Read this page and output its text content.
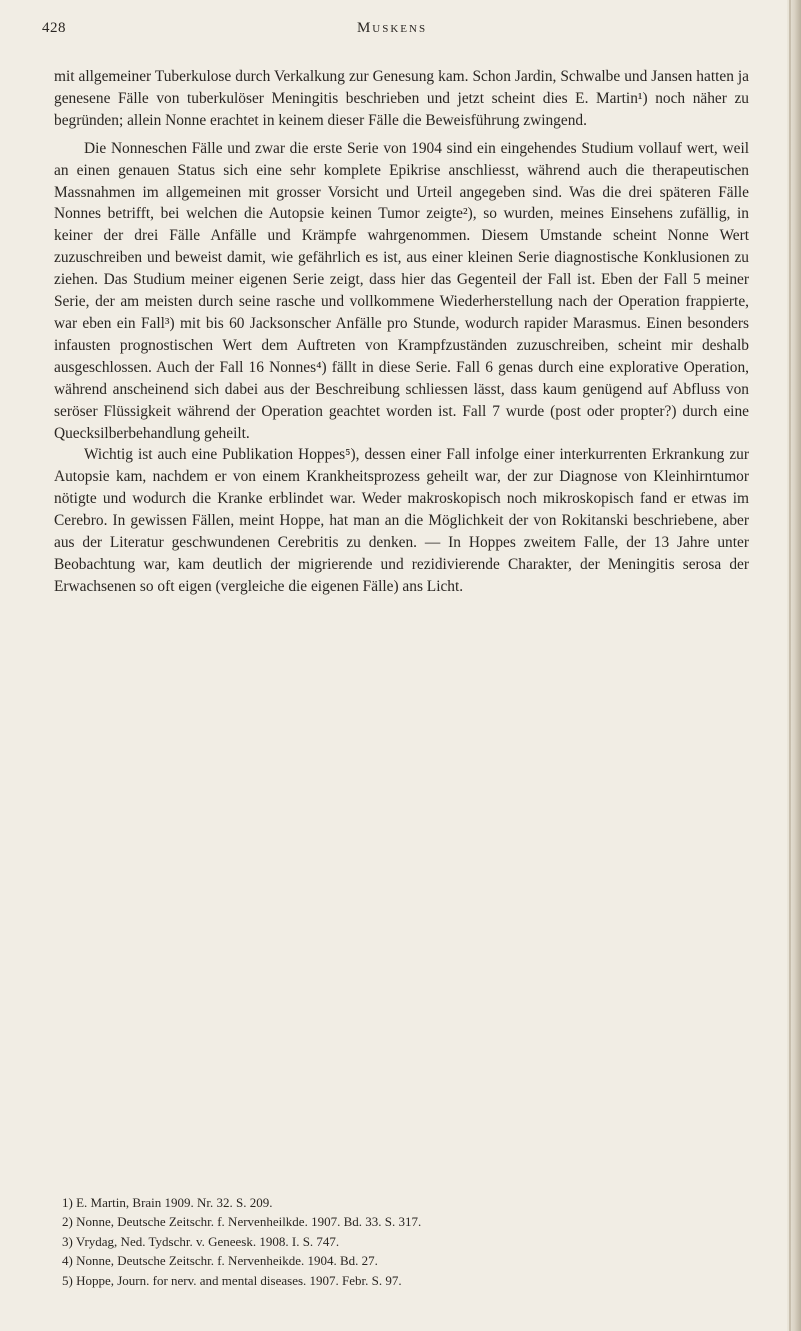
428	Muskens

mit allgemeiner Tuberkulose durch Verkalkung zur Genesung kam. Schon Jardin, Schwalbe und Jansen hatten ja genesene Fälle von tuberkulöser Meningitis beschrieben und jetzt scheint dies E. Martin¹) noch näher zu begründen; allein Nonne erachtet in keinem dieser Fälle die Beweisführung zwingend.

Die Nonneschen Fälle und zwar die erste Serie von 1904 sind ein eingehendes Studium vollauf wert, weil an einen genauen Status sich eine sehr komplete Epikrise anschliesst, während auch die therapeutischen Massnahmen im allgemeinen mit grosser Vorsicht und Urteil angegeben sind. Was die drei späteren Fälle Nonnes betrifft, bei welchen die Autopsie keinen Tumor zeigte²), so wurden, meines Einsehens zufällig, in keiner der drei Fälle Anfälle und Krämpfe wahrgenommen. Diesem Umstande scheint Nonne Wert zuzuschreiben und beweist damit, wie gefährlich es ist, aus einer kleinen Serie diagnostische Konklusionen zu ziehen. Das Studium meiner eigenen Serie zeigt, dass hier das Gegenteil der Fall ist. Eben der Fall 5 meiner Serie, der am meisten durch seine rasche und vollkommene Wiederherstellung nach der Operation frappierte, war eben ein Fall³) mit bis 60 Jacksonscher Anfälle pro Stunde, wodurch rapider Marasmus. Einen besonders infausten prognostischen Wert dem Auftreten von Krampfzuständen zuzuschreiben, scheint mir deshalb ausgeschlossen. Auch der Fall 16 Nonnes⁴) fällt in diese Serie. Fall 6 genas durch eine explorative Operation, während anscheinend sich dabei aus der Beschreibung schliessen lässt, dass kaum genügend auf Abfluss von seröser Flüssigkeit während der Operation geachtet worden ist. Fall 7 wurde (post oder propter?) durch eine Quecksilberbehandlung geheilt.

Wichtig ist auch eine Publikation Hoppes⁵), dessen einer Fall infolge einer interkurrenten Erkrankung zur Autopsie kam, nachdem er von einem Krankheitsprozess geheilt war, der zur Diagnose von Kleinhirntumor nötigte und wodurch die Kranke erblindet war. Weder makroskopisch noch mikroskopisch fand er etwas im Cerebro. In gewissen Fällen, meint Hoppe, hat man an die Möglichkeit der von Rokitanski beschriebene, aber aus der Literatur geschwundenen Cerebritis zu denken. — In Hoppes zweitem Falle, der 13 Jahre unter Beobachtung war, kam deutlich der migrierende und rezidivierende Charakter, der Meningitis serosa der Erwachsenen so oft eigen (vergleiche die eigenen Fälle) ans Licht.

1) E. Martin, Brain 1909. Nr. 32. S. 209.
2) Nonne, Deutsche Zeitschr. f. Nervenheilkde. 1907. Bd. 33. S. 317.
3) Vrydag, Ned. Tydschr. v. Geneesk. 1908. I. S. 747.
4) Nonne, Deutsche Zeitschr. f. Nervenheikde. 1904. Bd. 27.
5) Hoppe, Journ. for nerv. and mental diseases. 1907. Febr. S. 97.
